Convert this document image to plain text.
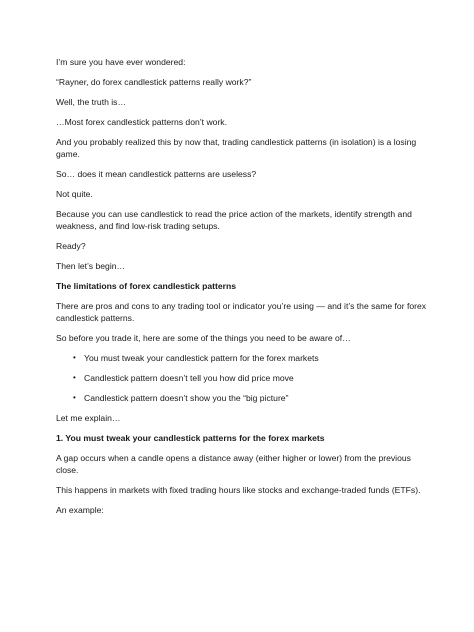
I’m sure you have ever wondered:

“Rayner, do forex candlestick patterns really work?”

Well, the truth is…

…Most forex candlestick patterns don’t work.

And you probably realized this by now that, trading candlestick patterns (in isolation) is a losing game.

So… does it mean candlestick patterns are useless?

Not quite.

Because you can use candlestick to read the price action of the markets, identify strength and weakness, and find low-risk trading setups.

Ready?

Then let’s begin…

The limitations of forex candlestick patterns

There are pros and cons to any trading tool or indicator you’re using — and it’s the same for forex candlestick patterns.

So before you trade it, here are some of the things you need to be aware of…

• You must tweak your candlestick pattern for the forex markets
• Candlestick pattern doesn’t tell you how did price move
• Candlestick pattern doesn’t show you the “big picture”

Let me explain…

1. You must tweak your candlestick patterns for the forex markets

A gap occurs when a candle opens a distance away (either higher or lower) from the previous close.

This happens in markets with fixed trading hours like stocks and exchange-traded funds (ETFs).

An example:
